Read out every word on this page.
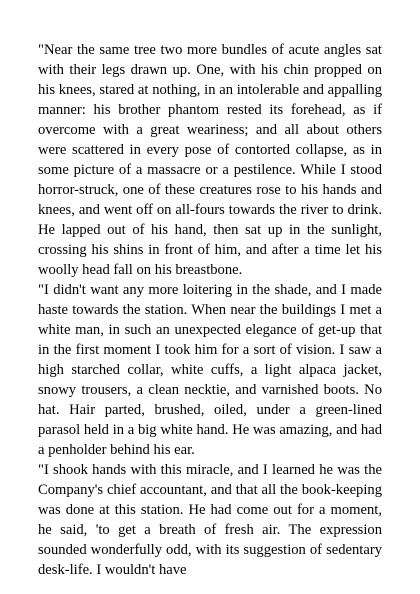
"Near the same tree two more bundles of acute angles sat with their legs drawn up. One, with his chin propped on his knees, stared at nothing, in an intolerable and appalling manner: his brother phantom rested its forehead, as if overcome with a great weariness; and all about others were scattered in every pose of contorted collapse, as in some picture of a massacre or a pestilence. While I stood horror-struck, one of these creatures rose to his hands and knees, and went off on all-fours towards the river to drink. He lapped out of his hand, then sat up in the sunlight, crossing his shins in front of him, and after a time let his woolly head fall on his breastbone.

"I didn't want any more loitering in the shade, and I made haste towards the station. When near the buildings I met a white man, in such an unexpected elegance of get-up that in the first moment I took him for a sort of vision. I saw a high starched collar, white cuffs, a light alpaca jacket, snowy trousers, a clean necktie, and varnished boots. No hat. Hair parted, brushed, oiled, under a green-lined parasol held in a big white hand. He was amazing, and had a penholder behind his ear.

"I shook hands with this miracle, and I learned he was the Company's chief accountant, and that all the book-keeping was done at this station. He had come out for a moment, he said, 'to get a breath of fresh air. The expression sounded wonderfully odd, with its suggestion of sedentary desk-life. I wouldn't have
